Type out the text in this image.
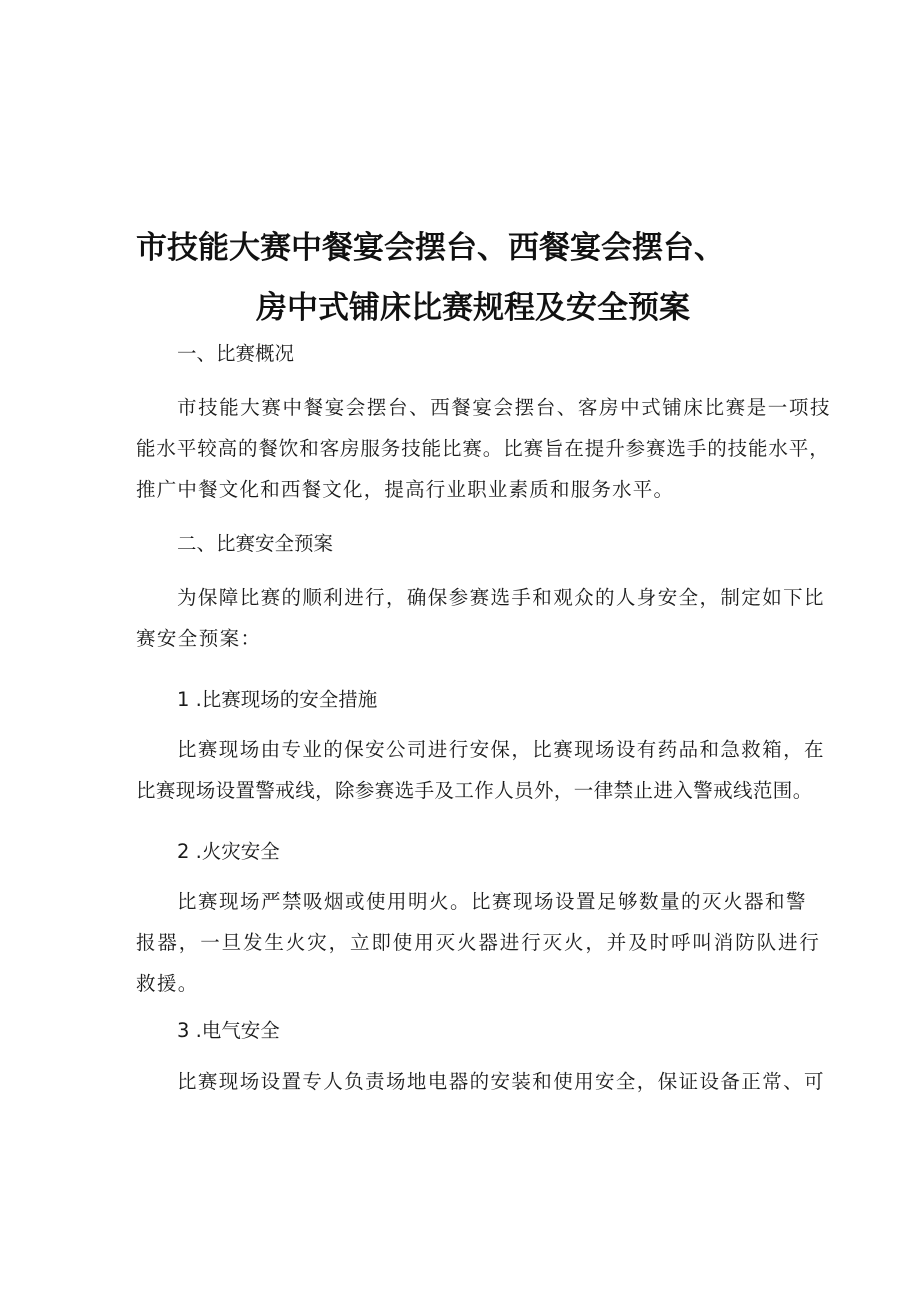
市技能大赛中餐宴会摆台、西餐宴会摆台、
房中式铺床比赛规程及安全预案
一、比赛概况
市技能大赛中餐宴会摆台、西餐宴会摆台、客房中式铺床比赛是一项技
能水平较高的餐饮和客房服务技能比赛。比赛旨在提升参赛选手的技能水平，
推广中餐文化和西餐文化，提高行业职业素质和服务水平。
二、比赛安全预案
为保障比赛的顺利进行，确保参赛选手和观众的人身安全，制定如下比
赛安全预案：
1 .比赛现场的安全措施
比赛现场由专业的保安公司进行安保，比赛现场设有药品和急救箱，在
比赛现场设置警戒线，除参赛选手及工作人员外，一律禁止进入警戒线范围。
2 .火灾安全
比赛现场严禁吸烟或使用明火。比赛现场设置足够数量的灭火器和警
报器，一旦发生火灾，立即使用灭火器进行灭火，并及时呼叫消防队进行
救援。
3 .电气安全
比赛现场设置专人负责场地电器的安装和使用安全，保证设备正常、可
